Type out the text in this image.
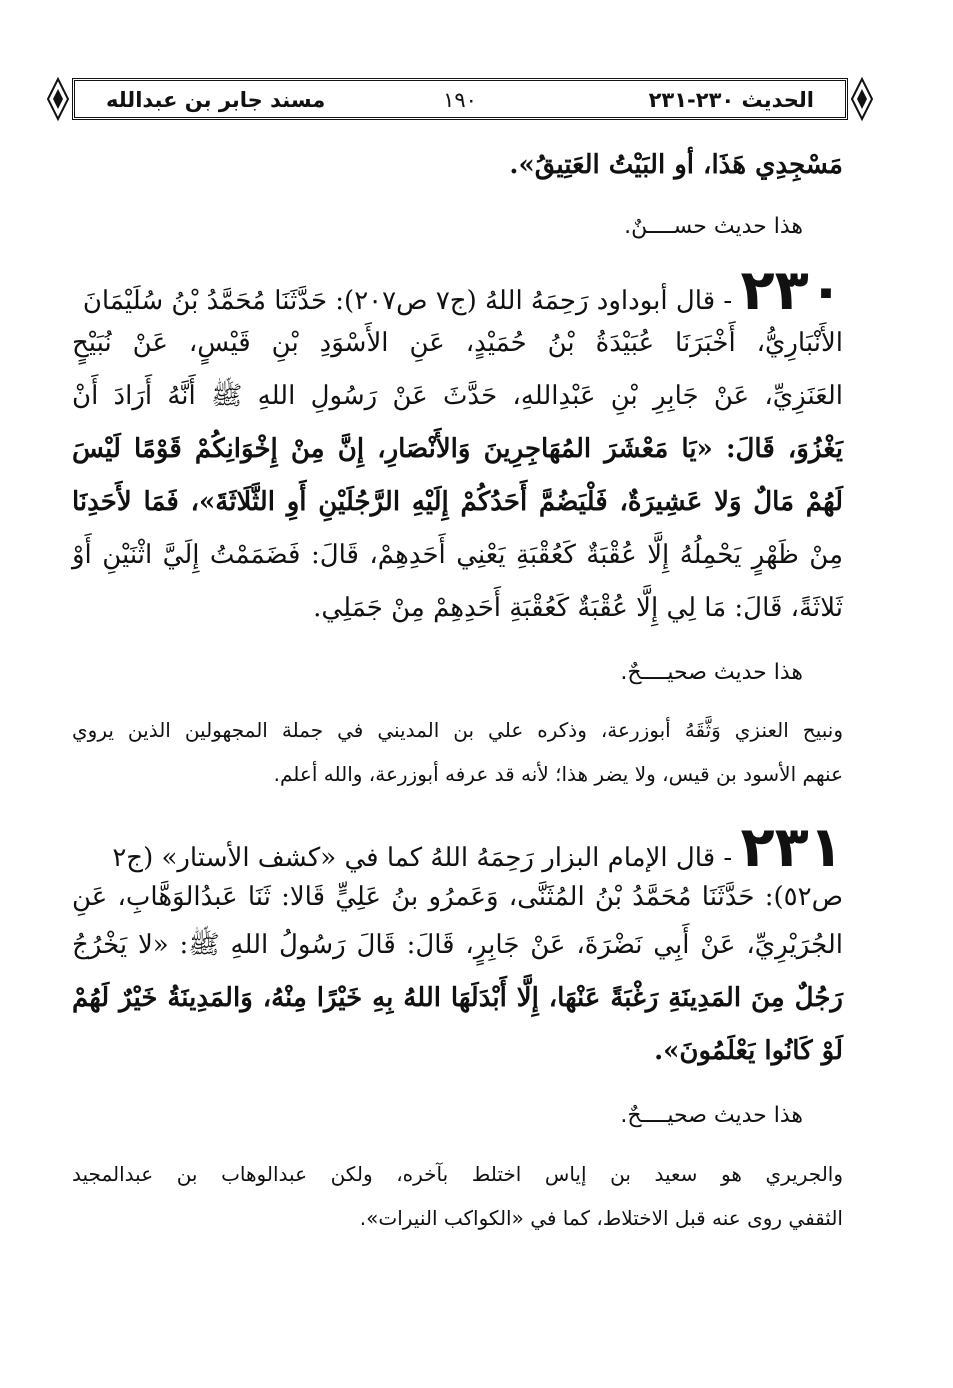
الحديث ٢٣٠-٢٣١
١٩٠
مسند جابر بن عبدالله
مَسْجِدِي هَذَا، أو البَيْتُ العَتِيقُ».
هذا حديث حســــنٌ.
٢٣٠ - قال أبوداود رَحِمَهُ اللهُ (ج٧ ص٢٠٧): حَدَّثَنَا مُحَمَّدُ بْنُ سُلَيْمَانَ
الأَنْبَارِيُّ، أَخْبَرَنَا عُبَيْدَةُ بْنُ حُمَيْدٍ، عَنِ الأَسْوَدِ بْنِ قَيْسٍ، عَنْ نُبَيْحٍ
العَنَزِيِّ، عَنْ جَابِرِ بْنِ عَبْدِاللهِ، حَدَّثَ عَنْ رَسُولِ اللهِ ﷺ أَنَّهُ أَرَادَ أَنْ
يَغْزُوَ، قَالَ: «يَا مَعْشَرَ المُهَاجِرِينَ وَالأَنْصَارِ، إِنَّ مِنْ إِخْوَانِكُمْ قَوْمًا لَيْسَ
لَهُمْ مَالٌ وَلا عَشِيرَةٌ، فَلْيَضُمَّ أَحَدُكُمْ إِلَيْهِ الرَّجُلَيْنِ أَوِ الثَّلَاثَةَ»، فَمَا لأَحَدِنَا
مِنْ ظَهْرٍ يَحْمِلُهُ إِلَّا عُقْبَةٌ كَعُقْبَةِ يَعْنِي أَحَدِهِمْ، قَالَ: فَضَمَمْتُ إِلَيَّ اثْنَيْنِ أَوْ
ثَلاثَةً، قَالَ: مَا لِي إِلَّا عُقْبَةٌ كَعُقْبَةِ أَحَدِهِمْ مِنْ جَمَلِي.
هذا حديث صحيــــحٌ.
ونبيح العنزي وَثَّقَهُ أبوزرعة، وذكره علي بن المديني في جملة المجهولين الذين يروي
عنهم الأسود بن قيس، ولا يضر هذا؛ لأنه قد عرفه أبوزرعة، والله أعلم.
٢٣١ - قال الإمام البزار رَحِمَهُ اللهُ كما في «كشف الأستار» (ج٢
ص٥٢): حَدَّثَنَا مُحَمَّدُ بْنُ المُثَنَّى، وَعَمرُو بنُ عَلِيٍّ قَالا: ثَنَا عَبدُالوَهَّابِ، عَنِ
الجُرَيْرِيِّ، عَنْ أَبِي نَضْرَةَ، عَنْ جَابِرٍ، قَالَ: قَالَ رَسُولُ اللهِ ﷺ: «لا يَخْرُجُ
رَجُلٌ مِنَ المَدِينَةِ رَغْبَةً عَنْهَا، إِلَّا أَبْدَلَهَا اللهُ بِهِ خَيْرًا مِنْهُ، وَالمَدِينَةُ خَيْرٌ لَهُمْ
لَوْ كَانُوا يَعْلَمُونَ».
هذا حديث صحيــــحٌ.
والجريري هو سعيد بن إياس اختلط بآخره، ولكن عبدالوهاب بن عبدالمجيد
الثقفي روى عنه قبل الاختلاط، كما في «الكواكب النيرات».
